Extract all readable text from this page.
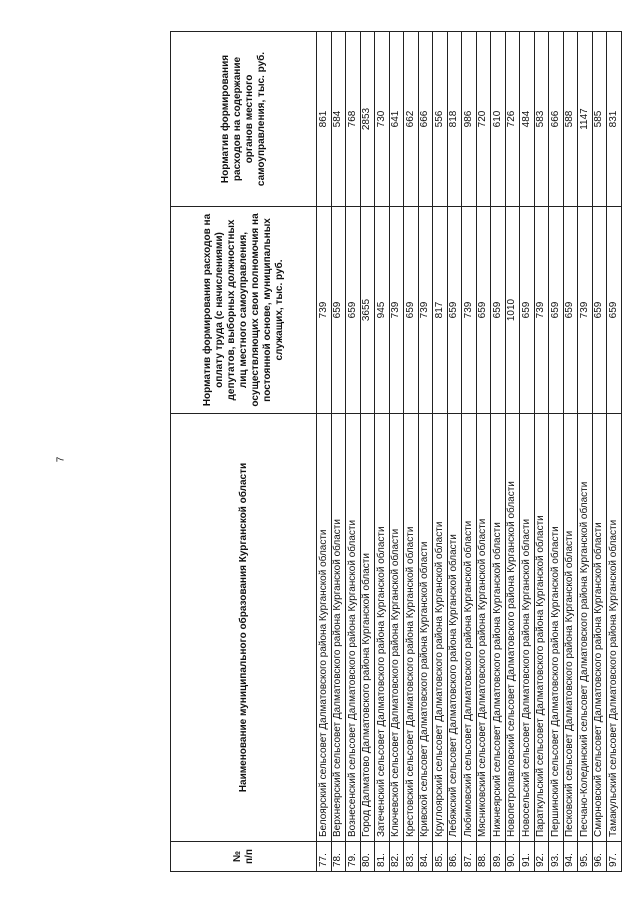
7
№ п/п	Наименование муниципального образования Курганской области	Норматив формирования расходов на оплату труда (с начислениями) депутатов, выборных должностных лиц местного самоуправления, осуществляющих свои полномочия на постоянной основе, муниципальных служащих, тыс. руб.	Норматив формирования расходов на содержание органов местного самоуправления, тыс. руб.
77.	Белоярский сельсовет Далматовского района Курганской области	739	861
78.	Верхнеярский сельсовет Далматовского района Курганской области	659	584
79.	Вознесенский сельсовет Далматовского района Курганской области	659	768
80.	Город Далматово Далматовского района Курганской области	3655	2853
81.	Затеченский сельсовет Далматовского района Курганской области	945	730
82.	Ключевской сельсовет Далматовского района Курганской области	739	641
83.	Крестовский сельсовет Далматовского района Курганской области	659	662
84.	Кривской сельсовет Далматовского района Курганской области	739	666
85.	Круглоярский сельсовет Далматовского района Курганской области	817	556
86.	Лебяжский сельсовет Далматовского района Курганской области	659	818
87.	Любимовский сельсовет Далматовского района Курганской области	739	986
88.	Мясниковский сельсовет Далматовского района Курганской области	659	720
89.	Нижнеярский сельсовет Далматовского района Курганской области	659	610
90.	Новопетропавловский сельсовет Далматовского района Курганской области	1010	726
91.	Новосельский сельсовет Далматовского района Курганской области	659	484
92.	Параткульский сельсовет Далматовского района Курганской области	739	583
93.	Першинский сельсовет Далматовского района Курганской области	659	666
94.	Песковский сельсовет Далматовского района Курганской области	659	588
95.	Песчано-Колединский сельсовет Далматовского района Курганской области	739	1147
96.	Смирновский сельсовет Далматовского района Курганской области	659	585
97.	Тамакульский сельсовет Далматовского района Курганской области	659	831
